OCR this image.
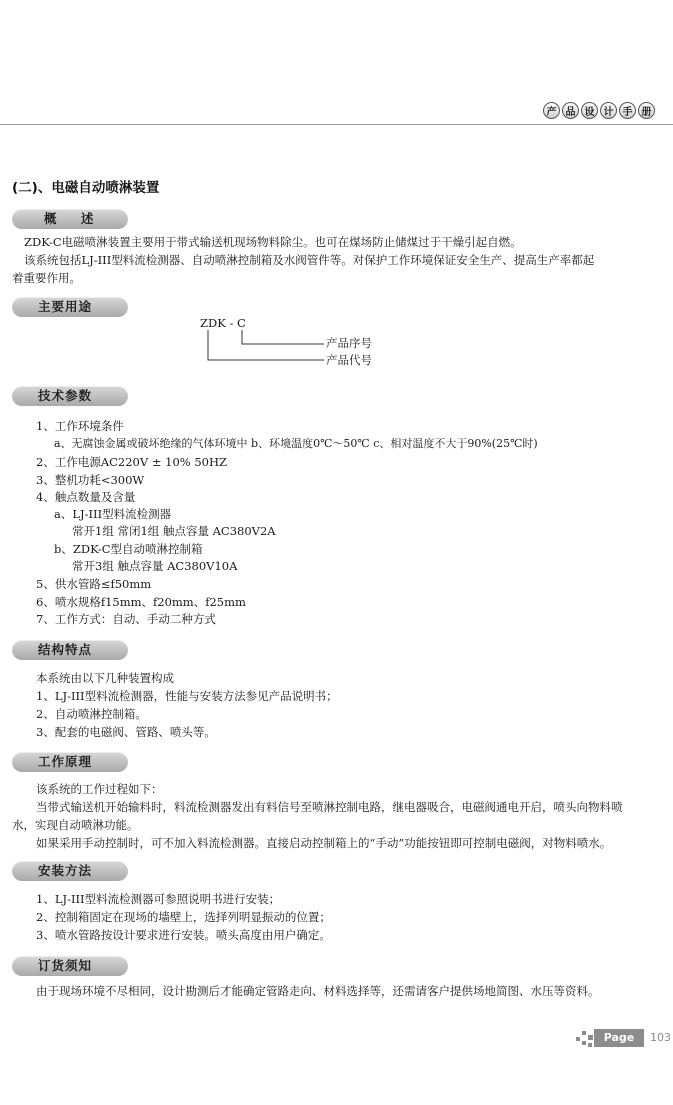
产 品 设 计 手 册
(二)、电磁自动喷淋装置
概 述
ZDK-C电磁喷淋装置主要用于带式输送机现场物料除尘。也可在煤场防止储煤过于干燥引起自燃。
该系统包括LJ-III型料流检测器、自动喷淋控制箱及水阀管件等。对保护工作环境保证安全生产、提高生产率都起
着重要作用。
主要用途
ZDK - C
产品序号
产品代号
技术参数
1、工作环境条件
a、无腐蚀金属或破坏绝缘的气体环境中 b、环境温度0℃～50℃ c、相对温度不大于90%(25℃时)
2、工作电源AC220V ± 10% 50HZ
3、整机功耗<300W
4、触点数量及含量
a、LJ-III型料流检测器
常开1组 常闭1组 触点容量 AC380V2A
b、ZDK-C型自动喷淋控制箱
常开3组 触点容量 AC380V10A
5、供水管路≤f50mm
6、喷水规格f15mm、f20mm、f25mm
7、工作方式：自动、手动二种方式
结构特点
本系统由以下几种装置构成
1、LJ-III型料流检测器，性能与安装方法参见产品说明书；
2、自动喷淋控制箱。
3、配套的电磁阀、管路、喷头等。
工作原理
该系统的工作过程如下：
当带式输送机开始输料时，料流检测器发出有料信号至喷淋控制电路，继电器吸合，电磁阀通电开启，喷头向物料喷
水，实现自动喷淋功能。
如果采用手动控制时，可不加入料流检测器。直接启动控制箱上的“手动”功能按钮即可控制电磁阀，对物料喷水。
安装方法
1、LJ-III型料流检测器可参照说明书进行安装；
2、控制箱固定在现场的墙壁上，选择列明显振动的位置；
3、喷水管路按设计要求进行安装。喷头高度由用户确定。
订货须知
由于现场环境不尽相同，设计勘测后才能确定管路走向、材料选择等，还需请客户提供场地简图、水压等资料。
Page	103
